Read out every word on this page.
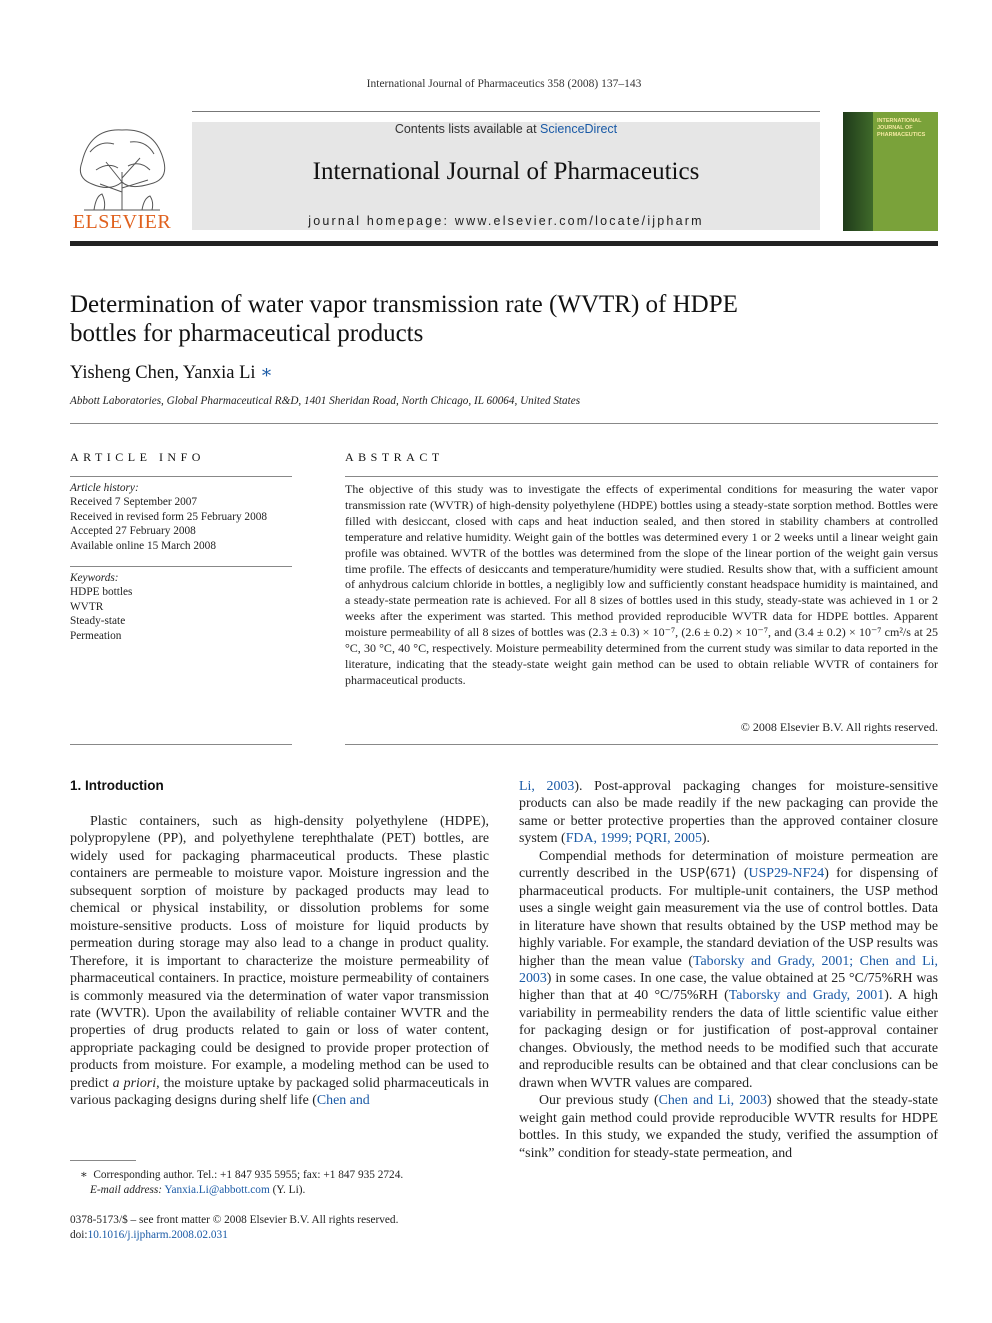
International Journal of Pharmaceutics 358 (2008) 137–143
ELSEVIER
Contents lists available at ScienceDirect
International Journal of Pharmaceutics
journal homepage: www.elsevier.com/locate/ijpharm
INTERNATIONAL JOURNAL OF PHARMACEUTICS
Determination of water vapor transmission rate (WVTR) of HDPE
bottles for pharmaceutical products
Yisheng Chen, Yanxia Li ∗
Abbott Laboratories, Global Pharmaceutical R&D, 1401 Sheridan Road, North Chicago, IL 60064, United States
ARTICLE INFO
Article history:
Received 7 September 2007
Received in revised form 25 February 2008
Accepted 27 February 2008
Available online 15 March 2008
Keywords:
HDPE bottles
WVTR
Steady-state
Permeation
ABSTRACT
The objective of this study was to investigate the effects of experimental conditions for measuring the water vapor transmission rate (WVTR) of high-density polyethylene (HDPE) bottles using a steady-state sorption method. Bottles were filled with desiccant, closed with caps and heat induction sealed, and then stored in stability chambers at controlled temperature and relative humidity. Weight gain of the bottles was determined every 1 or 2 weeks until a linear weight gain profile was obtained. WVTR of the bottles was determined from the slope of the linear portion of the weight gain versus time profile. The effects of desiccants and temperature/humidity were studied. Results show that, with a sufficient amount of anhydrous calcium chloride in bottles, a negligibly low and sufficiently constant headspace humidity is maintained, and a steady-state permeation rate is achieved. For all 8 sizes of bottles used in this study, steady-state was achieved in 1 or 2 weeks after the experiment was started. This method provided reproducible WVTR data for HDPE bottles. Apparent moisture permeability of all 8 sizes of bottles was (2.3 ± 0.3) × 10⁻⁷, (2.6 ± 0.2) × 10⁻⁷, and (3.4 ± 0.2) × 10⁻⁷ cm²/s at 25 °C, 30 °C, 40 °C, respectively. Moisture permeability determined from the current study was similar to data reported in the literature, indicating that the steady-state weight gain method can be used to obtain reliable WVTR of containers for pharmaceutical products.
© 2008 Elsevier B.V. All rights reserved.
1. Introduction

Plastic containers, such as high-density polyethylene (HDPE), polypropylene (PP), and polyethylene terephthalate (PET) bottles, are widely used for packaging pharmaceutical products. These plastic containers are permeable to moisture vapor. Moisture ingression and the subsequent sorption of moisture by packaged products may lead to chemical or physical instability, or dissolution problems for some moisture-sensitive products. Loss of moisture for liquid products by permeation during storage may also lead to a change in product quality. Therefore, it is important to characterize the moisture permeability of pharmaceutical containers. In practice, moisture permeability of containers is commonly measured via the determination of water vapor transmission rate (WVTR). Upon the availability of reliable container WVTR and the properties of drug products related to gain or loss of water content, appropriate packaging could be designed to provide proper protection of products from moisture. For example, a modeling method can be used to predict a priori, the moisture uptake by packaged solid pharmaceuticals in various packaging designs during shelf life (Chen and

Li, 2003). Post-approval packaging changes for moisture-sensitive products can also be made readily if the new packaging can provide the same or better protective properties than the approved container closure system (FDA, 1999; PQRI, 2005).

Compendial methods for determination of moisture permeation are currently described in the USP⟨671⟩ (USP29-NF24) for dispensing of pharmaceutical products. For multiple-unit containers, the USP method uses a single weight gain measurement via the use of control bottles. Data in literature have shown that results obtained by the USP method may be highly variable. For example, the standard deviation of the USP results was higher than the mean value (Taborsky and Grady, 2001; Chen and Li, 2003) in some cases. In one case, the value obtained at 25 °C/75%RH was higher than that at 40 °C/75%RH (Taborsky and Grady, 2001). A high variability in permeability renders the data of little scientific value either for packaging design or for justification of post-approval container changes. Obviously, the method needs to be modified such that accurate and reproducible results can be obtained and that clear conclusions can be drawn when WVTR values are compared.

Our previous study (Chen and Li, 2003) showed that the steady-state weight gain method could provide reproducible WVTR results for HDPE bottles. In this study, we expanded the study, verified the assumption of “sink” condition for steady-state permeation, and

∗ Corresponding author. Tel.: +1 847 935 5955; fax: +1 847 935 2724.
E-mail address: Yanxia.Li@abbott.com (Y. Li).
0378-5173/$ – see front matter © 2008 Elsevier B.V. All rights reserved.
doi:10.1016/j.ijpharm.2008.02.031
